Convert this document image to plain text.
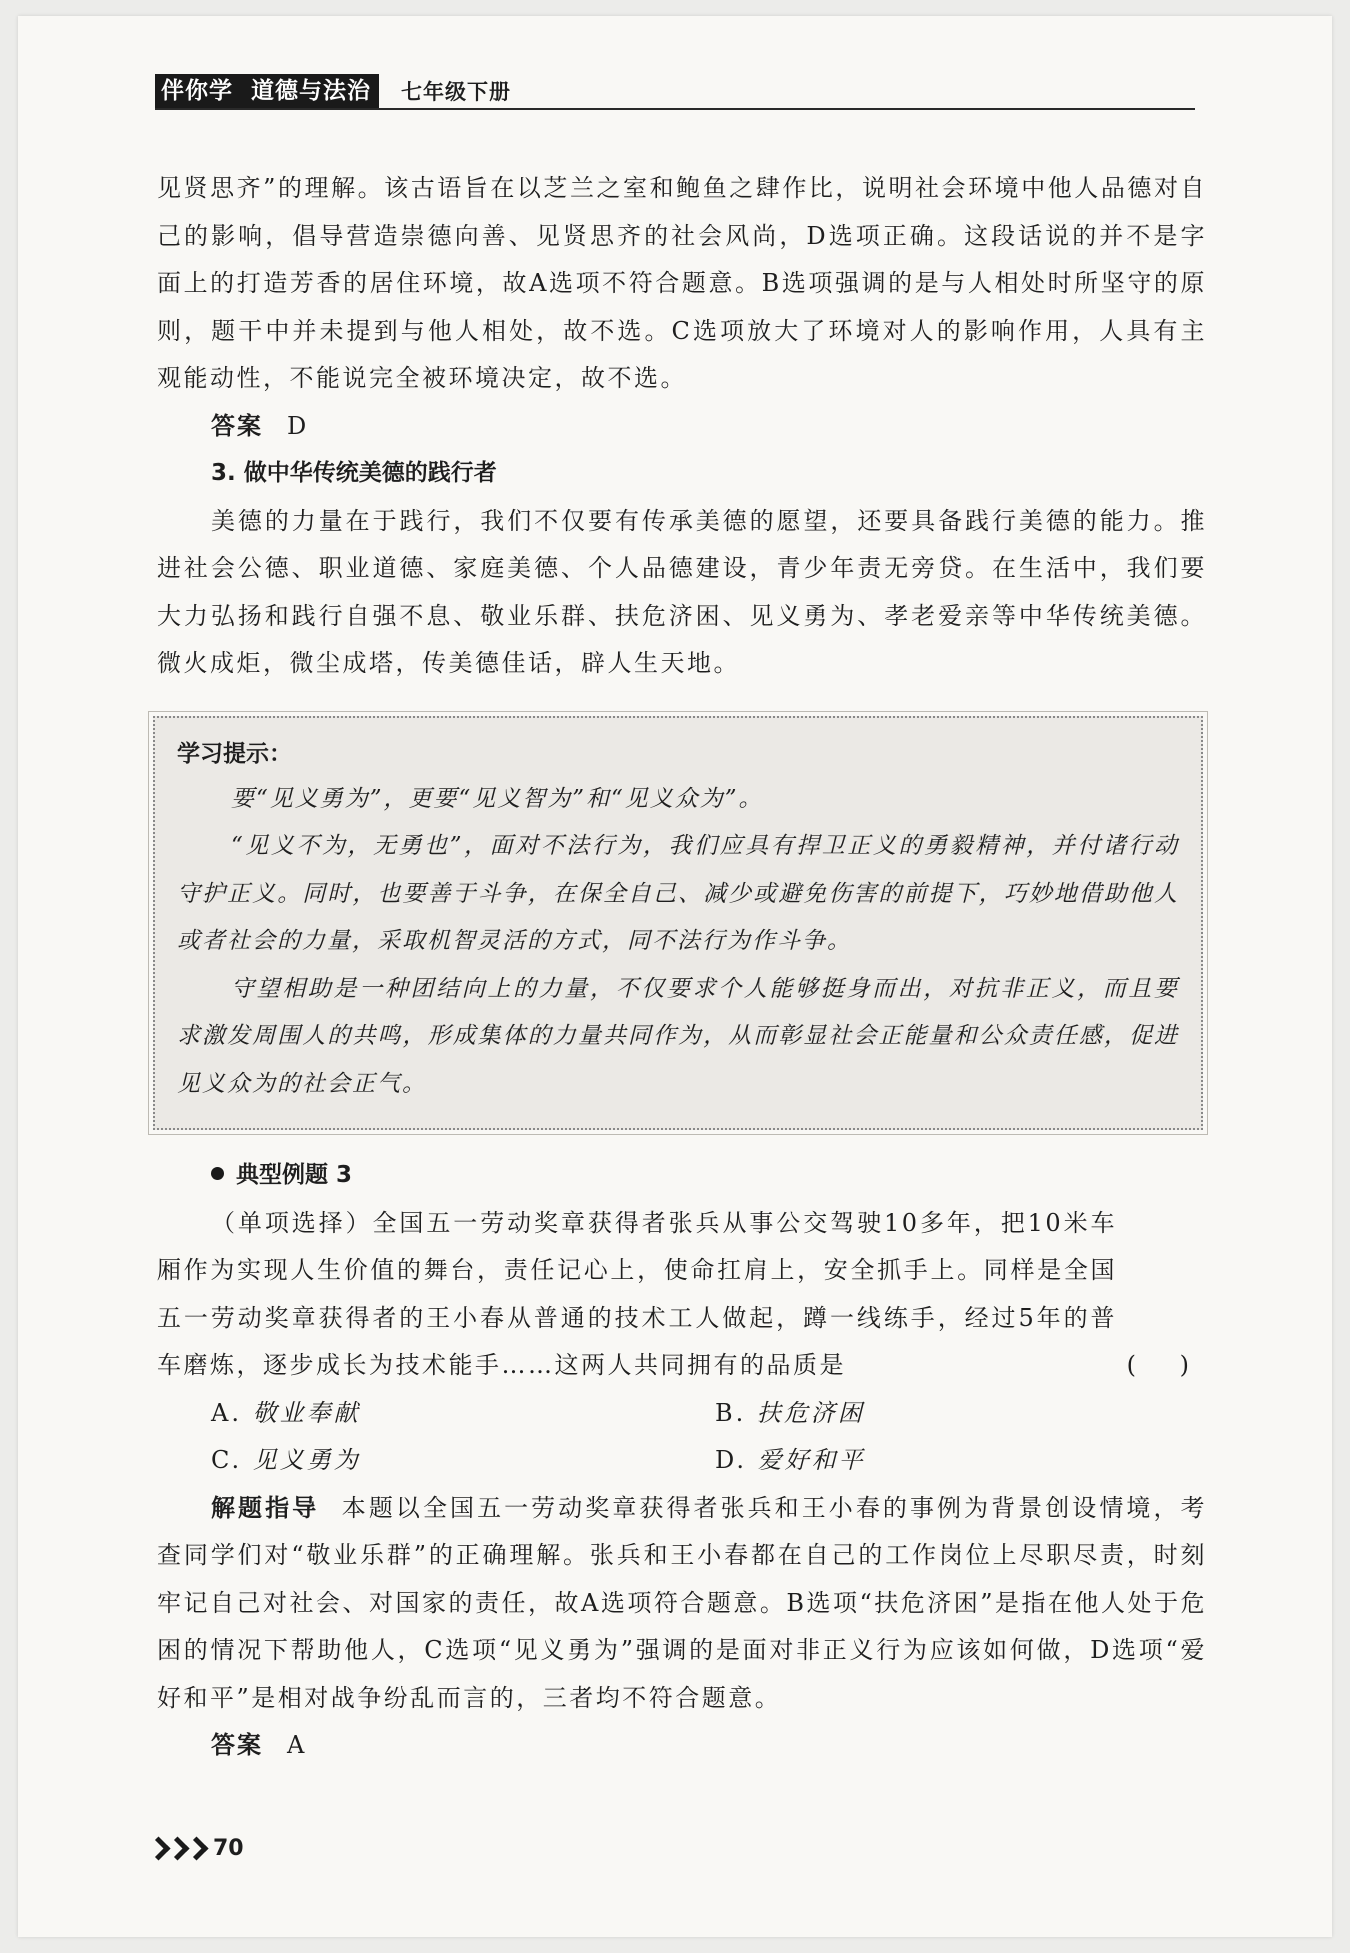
伴你学 道德与法治	七年级下册

见贤思齐”的理解。该古语旨在以芝兰之室和鲍鱼之肆作比，说明社会环境中他人品德对自己的影响，倡导营造崇德向善、见贤思齐的社会风尚，D选项正确。这段话说的并不是字面上的打造芳香的居住环境，故A选项不符合题意。B选项强调的是与人相处时所坚守的原则，题干中并未提到与他人相处，故不选。C选项放大了环境对人的影响作用，人具有主观能动性，不能说完全被环境决定，故不选。

答案 D

3. 做中华传统美德的践行者

美德的力量在于践行，我们不仅要有传承美德的愿望，还要具备践行美德的能力。推进社会公德、职业道德、家庭美德、个人品德建设，青少年责无旁贷。在生活中，我们要大力弘扬和践行自强不息、敬业乐群、扶危济困、见义勇为、孝老爱亲等中华传统美德。微火成炬，微尘成塔，传美德佳话，辟人生天地。

学习提示：

要“见义勇为”，更要“见义智为”和“见义众为”。

“见义不为，无勇也”，面对不法行为，我们应具有捍卫正义的勇毅精神，并付诸行动守护正义。同时，也要善于斗争，在保全自己、减少或避免伤害的前提下，巧妙地借助他人或者社会的力量，采取机智灵活的方式，同不法行为作斗争。

守望相助是一种团结向上的力量，不仅要求个人能够挺身而出，对抗非正义，而且要求激发周围人的共鸣，形成集体的力量共同作为，从而彰显社会正能量和公众责任感，促进见义众为的社会正气。

典型例题 3

（单项选择）全国五一劳动奖章获得者张兵从事公交驾驶10多年，把10米车厢作为实现人生价值的舞台，责任记心上，使命扛肩上，安全抓手上。同样是全国五一劳动奖章获得者的王小春从普通的技术工人做起，蹲一线练手，经过5年的普车磨炼，逐步成长为技术能手……这两人共同拥有的品质是	( )
A. 敬业奉献	B. 扶危济困
C. 见义勇为	D. 爱好和平

解题指导 本题以全国五一劳动奖章获得者张兵和王小春的事例为背景创设情境，考查同学们对“敬业乐群”的正确理解。张兵和王小春都在自己的工作岗位上尽职尽责，时刻牢记自己对社会、对国家的责任，故A选项符合题意。B选项“扶危济困”是指在他人处于危困的情况下帮助他人，C选项“见义勇为”强调的是面对非正义行为应该如何做，D选项“爱好和平”是相对战争纷乱而言的，三者均不符合题意。

答案 A

70
